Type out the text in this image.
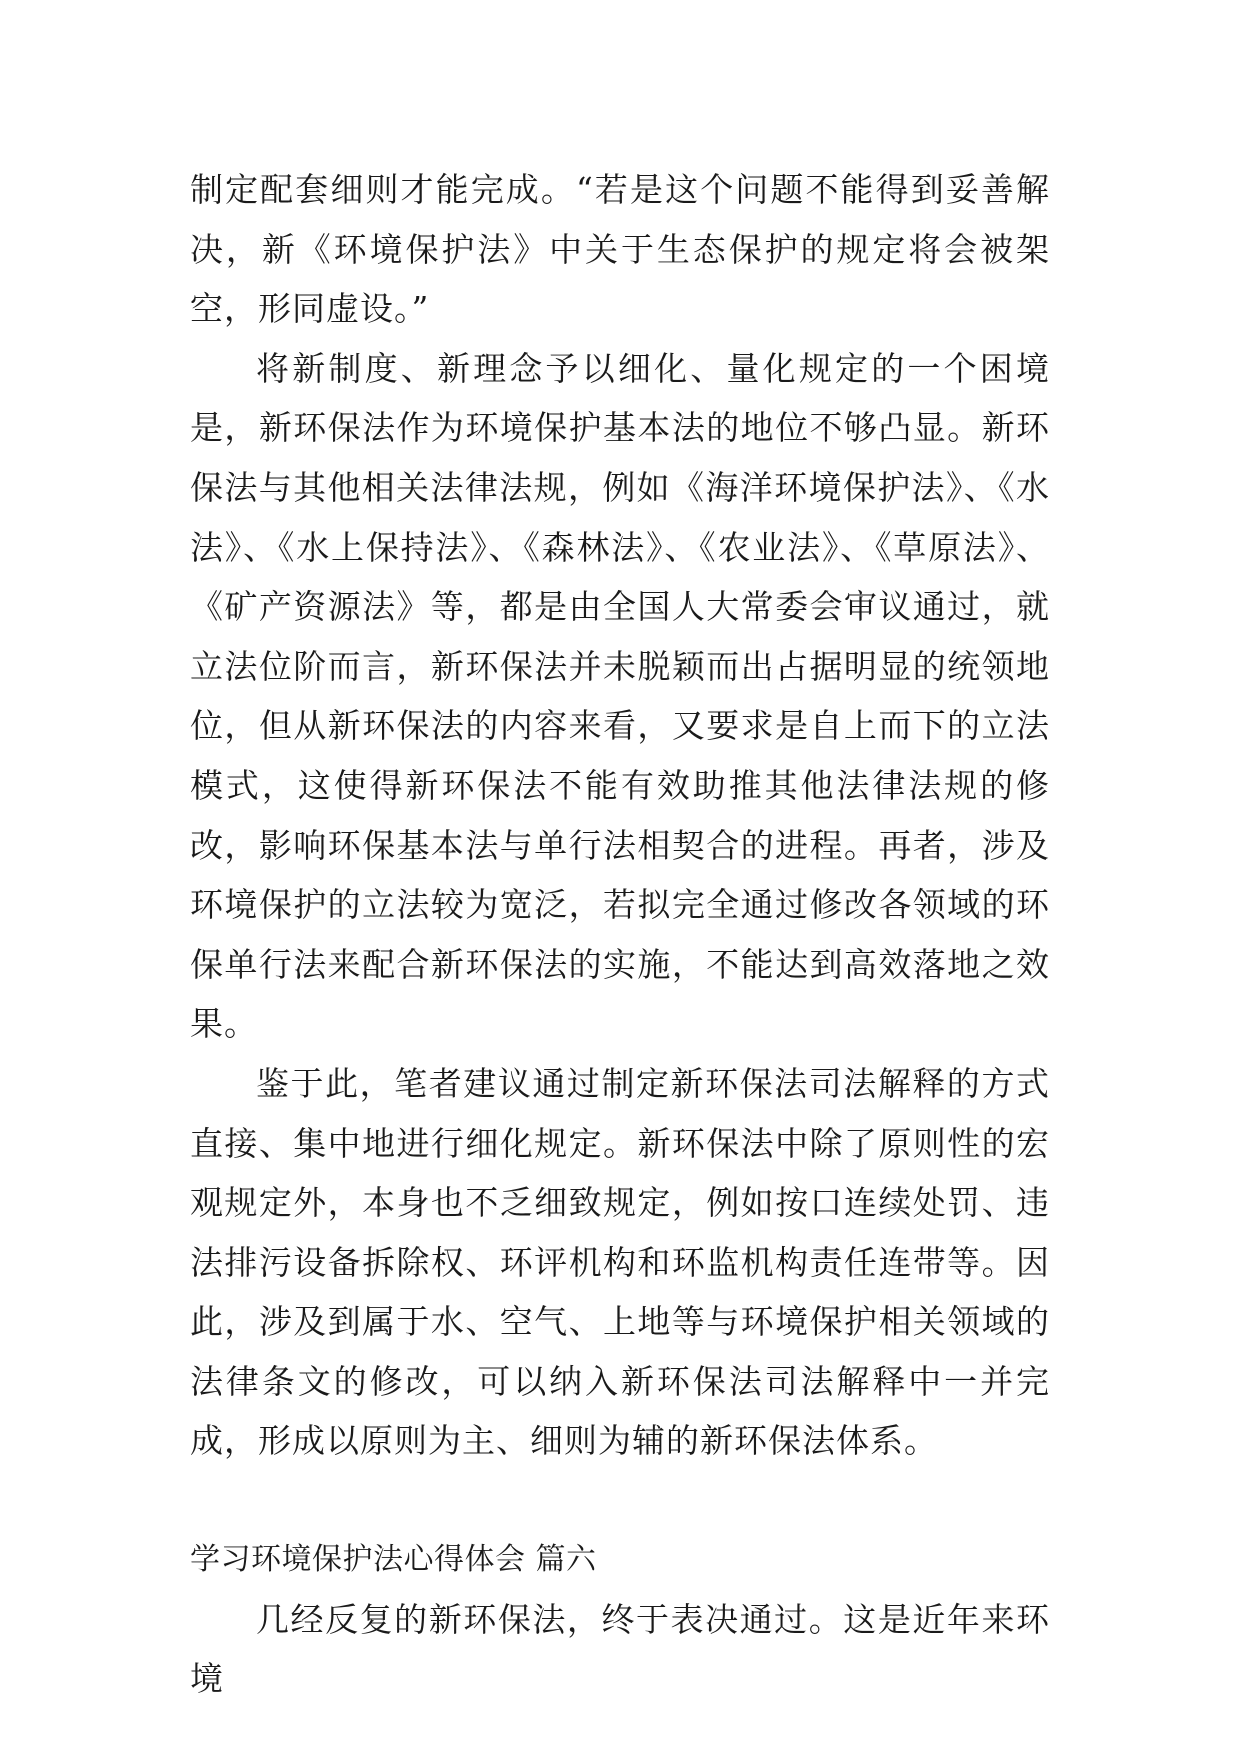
制定配套细则才能完成。“若是这个问题不能得到妥善解决，新《环境保护法》中关于生态保护的规定将会被架空，形同虚设。”

将新制度、新理念予以细化、量化规定的一个困境是，新环保法作为环境保护基本法的地位不够凸显。新环保法与其他相关法律法规，例如《海洋环境保护法》、《水法》、《水上保持法》、《森林法》、《农业法》、《草原法》、《矿产资源法》等，都是由全国人大常委会审议通过，就立法位阶而言，新环保法并未脱颖而出占据明显的统领地位，但从新环保法的内容来看，又要求是自上而下的立法模式，这使得新环保法不能有效助推其他法律法规的修改，影响环保基本法与单行法相契合的进程。再者，涉及环境保护的立法较为宽泛，若拟完全通过修改各领域的环保单行法来配合新环保法的实施，不能达到高效落地之效果。

鉴于此，笔者建议通过制定新环保法司法解释的方式直接、集中地进行细化规定。新环保法中除了原则性的宏观规定外，本身也不乏细致规定，例如按口连续处罚、违法排污设备拆除权、环评机构和环监机构责任连带等。因此，涉及到属于水、空气、上地等与环境保护相关领域的法律条文的修改，可以纳入新环保法司法解释中一并完成，形成以原则为主、细则为辅的新环保法体系。

学习环境保护法心得体会 篇六

几经反复的新环保法，终于表决通过。这是近年来环境
